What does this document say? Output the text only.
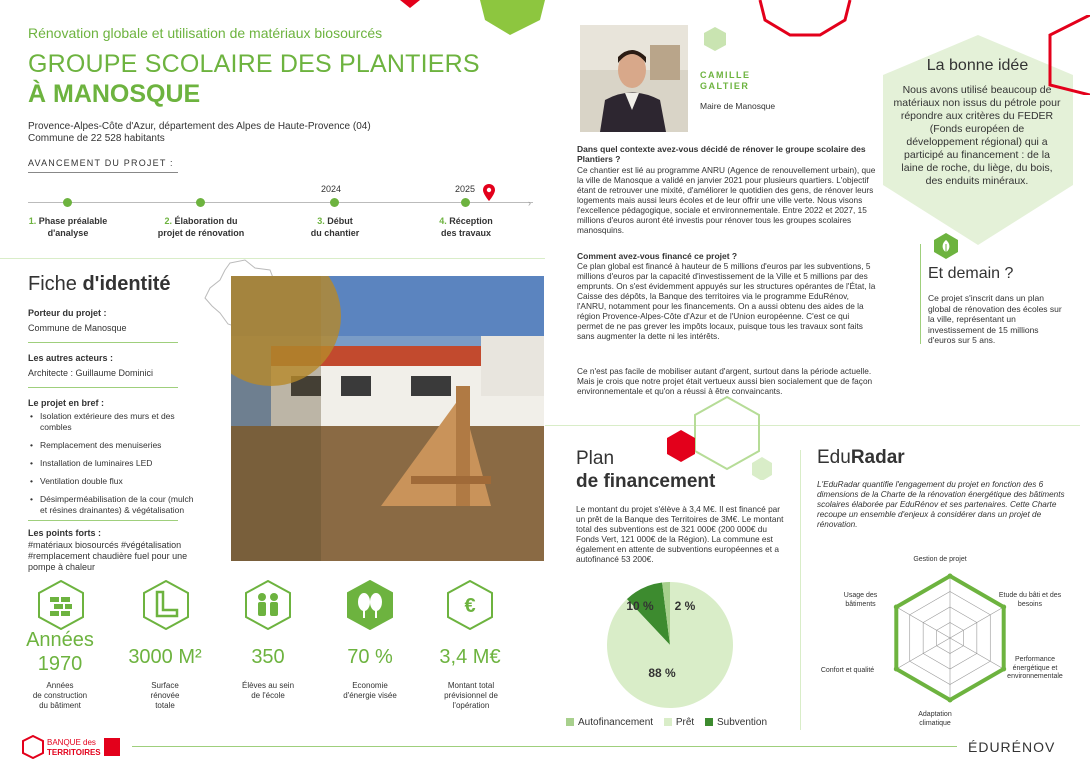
Rénovation globale et utilisation de matériaux biosourcés
GROUPE SCOLAIRE DES PLANTIERS
À MANOSQUE
Provence-Alpes-Côte d'Azur, département des Alpes de Haute-Provence (04)
Commune de 22 528 habitants
AVANCEMENT DU PROJET :
›
2024	2025
1. Phase préalable
d'analyse
2. Élaboration du
projet de rénovation
3. Début
du chantier
4. Réception
des travaux
Fiche d'identité
Porteur du projet :
Commune de Manosque
Les autres acteurs :
Architecte : Guillaume Dominici
Le projet en bref :
• Isolation extérieure des murs et des combles
• Remplacement des menuiseries
• Installation de luminaires LED
• Ventilation double flux
• Désimperméabilisation de la cour (mulch et résines drainantes) & végétalisation
Les points forts :
#matériaux biosourcés #végétalisation #remplacement chaudière fuel pour une pompe à chaleur
€
Années
1970	3000 M²	350	70 %	3,4 M€
Années
de construction
du bâtiment
Surface
rénovée
totale
Élèves au sein
de l'école
Economie
d'énergie visée
Montant total
prévisionnel de
l'opération
CAMILLE
GALTIER
Maire de Manosque
Dans quel contexte avez-vous décidé de rénover le groupe scolaire des Plantiers ?
Ce chantier est lié au programme ANRU (Agence de renouvellement urbain), que la ville de Manosque a validé en janvier 2021 pour plusieurs quartiers. L'objectif étant de retrouver une mixité, d'améliorer le quotidien des gens, de rénover leurs logements mais aussi leurs écoles et de leur offrir une ville verte. Nous visons l'excellence pédagogique, sociale et environnementale. Entre 2022 et 2027, 15 millions d'euros auront été investis pour rénover tous les groupes scolaires manosquins.
Comment avez-vous financé ce projet ?
Ce plan global est financé à hauteur de 5 millions d'euros par les subventions, 5 millions d'euros par la capacité d'investissement de la Ville et 5 millions par des emprunts. On s'est évidemment appuyés sur les structures opérantes de l'État, la Caisse des dépôts, la Banque des territoires via le programme EduRénov, l'ANRU, notamment pour les financements. On a aussi obtenu des aides de la région Provence-Alpes-Côte d'Azur et de l'Union européenne. C'est ce qui permet de ne pas grever les impôts locaux, puisque tous les travaux sont faits sans augmenter la dette ni les intérêts.
Ce n'est pas facile de mobiliser autant d'argent, surtout dans la période actuelle. Mais je crois que notre projet était vertueux aussi bien socialement que de façon environnementale et qu'on a réussi à être convaincants.
La bonne idée
Nous avons utilisé beaucoup de matériaux non issus du pétrole pour répondre aux critères du FEDER (Fonds européen de développement régional) qui a participé au financement : de la laine de roche, du liège, du bois, des enduits minéraux.
Et demain ?
Ce projet s'inscrit dans un plan global de rénovation des écoles sur la ville, représentant un investissement de 15 millions d'euros sur 5 ans.
Plan
de financement
Le montant du projet s'élève à 3,4 M€. Il est financé par un prêt de la Banque des Territoires de 3M€. Le montant total des subventions est de 321 000€ (200 000€ du Fonds Vert, 121 000€ de la Région). La commune est également en attente de subventions européennes et a autofinancé 53 200€.
2 %
10 %
88 %
Autofinancement Prêt Subvention
EduRadar
L'EduRadar quantifie l'engagement du projet en fonction des 6 dimensions de la Charte de la rénovation énergétique des bâtiments scolaires élaborée par EduRénov et ses partenaires. Cette Charte recoupe un ensemble d'enjeux à considérer dans un projet de rénovation.
Gestion de projet
Etude du bâti et des besoins
Performance énergétique et environnementale
Adaptation climatique
Confort et qualité
Usage des bâtiments
BANQUE des
TERRITOIRES	ÉDURÉNOV
